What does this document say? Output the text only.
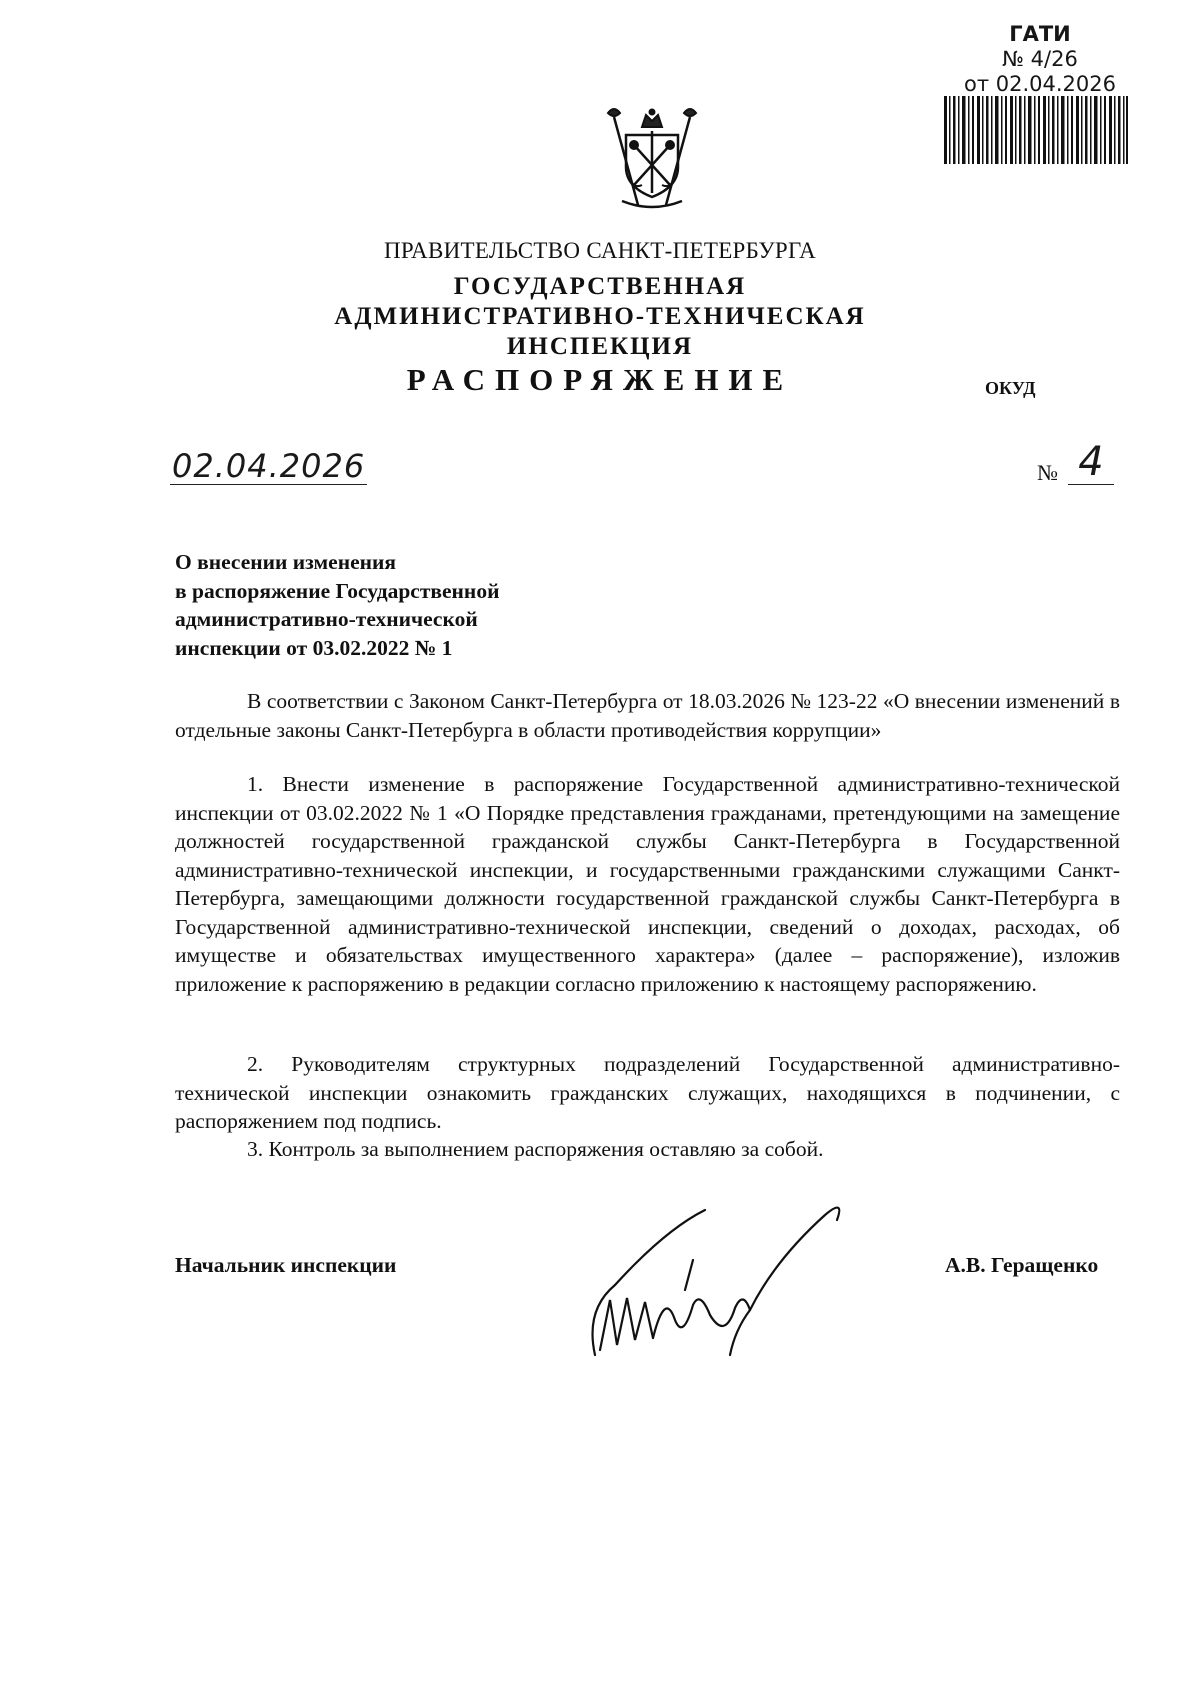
ГАТИ
№ 4/26
от 02.04.2026
ПРАВИТЕЛЬСТВО САНКТ-ПЕТЕРБУРГА
ГОСУДАРСТВЕННАЯ
АДМИНИСТРАТИВНО-ТЕХНИЧЕСКАЯ
ИНСПЕКЦИЯ
РАСПОРЯЖЕНИЕ	ОКУД
02.04.2026	№ 4
О внесении изменения
в распоряжение Государственной
административно-технической
инспекции от 03.02.2022 № 1

В соответствии с Законом Санкт-Петербурга от 18.03.2026 № 123-22 «О внесении изменений в отдельные законы Санкт-Петербурга в области противодействия коррупции»

1. Внести изменение в распоряжение Государственной административно-технической инспекции от 03.02.2022 № 1 «О Порядке представления гражданами, претендующими на замещение должностей государственной гражданской службы Санкт-Петербурга в Государственной административно-технической инспекции, и государственными гражданскими служащими Санкт-Петербурга, замещающими должности государственной гражданской службы Санкт-Петербурга в Государственной административно-технической инспекции, сведений о доходах, расходах, об имуществе и обязательствах имущественного характера» (далее – распоряжение), изложив приложение к распоряжению в редакции согласно приложению к настоящему распоряжению.

2. Руководителям структурных подразделений Государственной административно-технической инспекции ознакомить гражданских служащих, находящихся в подчинении, с распоряжением под подпись.

3. Контроль за выполнением распоряжения оставляю за собой.

Начальник инспекции	А.В. Геращенко
